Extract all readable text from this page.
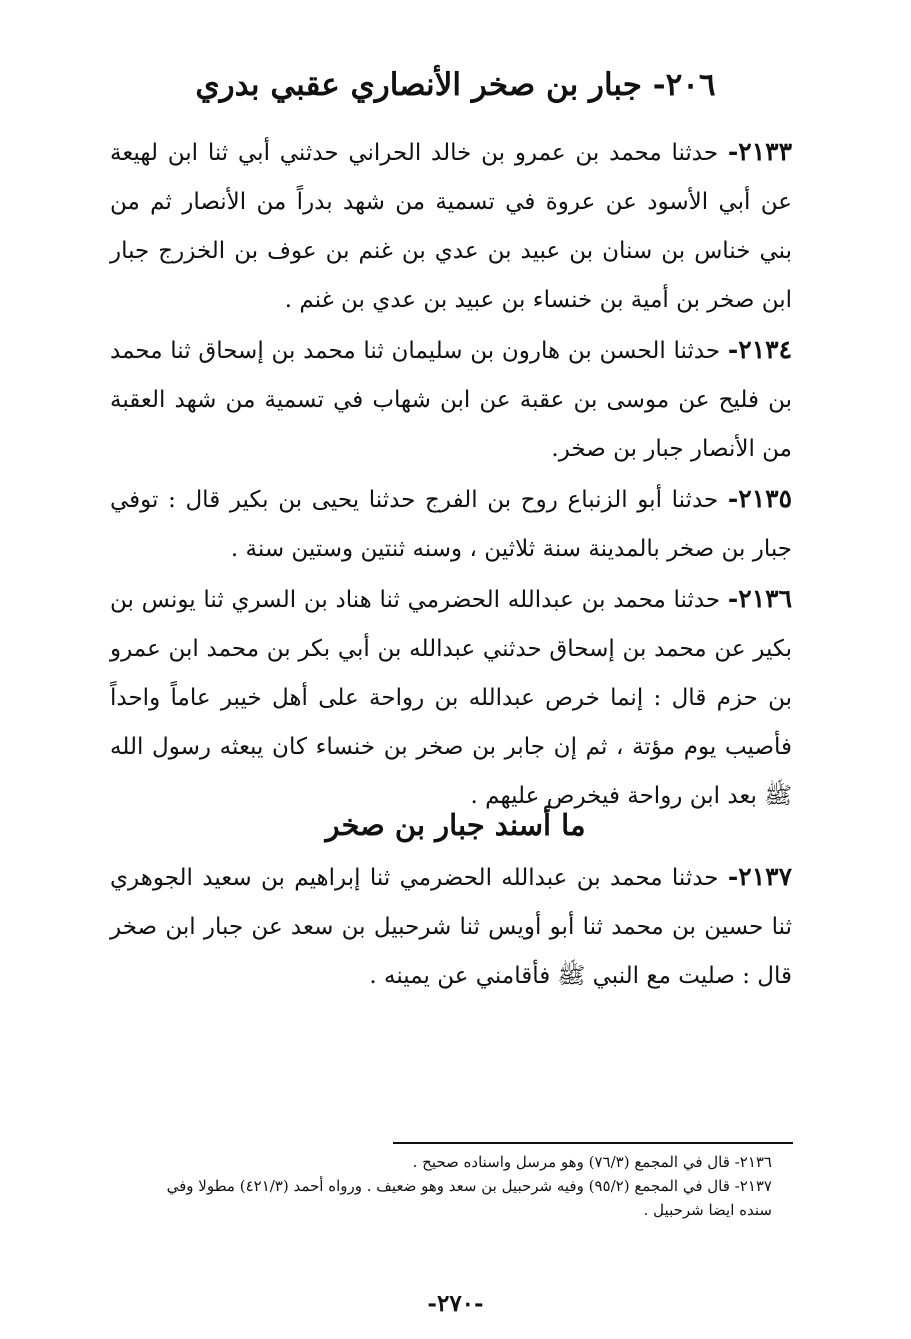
٢٠٦- جبار بن صخر الأنصاري عقبي بدري

٢١٣٣- حدثنا محمد بن عمرو بن خالد الحراني حدثني أبي ثنا ابن لهيعة عن أبي الأسود عن عروة في تسمية من شهد بدراً من الأنصار ثم من بني خناس بن سنان بن عبيد بن عدي بن غنم بن عوف بن الخزرج جبار ابن صخر بن أمية بن خنساء بن عبيد بن عدي بن غنم .

٢١٣٤- حدثنا الحسن بن هارون بن سليمان ثنا محمد بن إسحاق ثنا محمد بن فليح عن موسى بن عقبة عن ابن شهاب في تسمية من شهد العقبة من الأنصار جبار بن صخر.

٢١٣٥- حدثنا أبو الزنباع روح بن الفرج حدثنا يحيى بن بكير قال : توفي جبار بن صخر بالمدينة سنة ثلاثين ، وسنه ثنتين وستين سنة .

٢١٣٦- حدثنا محمد بن عبدالله الحضرمي ثنا هناد بن السري ثنا يونس بن بكير عن محمد بن إسحاق حدثني عبدالله بن أبي بكر بن محمد ابن عمرو بن حزم قال : إنما خرص عبدالله بن رواحة على أهل خيبر عاماً واحداً فأصيب يوم مؤتة ، ثم إن جابر بن صخر بن خنساء كان يبعثه رسول الله ﷺ بعد ابن رواحة فيخرص عليهم .

ما أسند جبار بن صخر

٢١٣٧- حدثنا محمد بن عبدالله الحضرمي ثنا إبراهيم بن سعيد الجوهري ثنا حسين بن محمد ثنا أبو أويس ثنا شرحبيل بن سعد عن جبار ابن صخر قال : صليت مع النبي ﷺ فأقامني عن يمينه .

٢١٣٦- قال في المجمع (٧٦/٣) وهو مرسل واسناده صحيح .

٢١٣٧- قال في المجمع (٩٥/٢) وفيه شرحبيل بن سعد وهو ضعيف . ورواه أحمد (٤٢١/٣) مطولا وفي سنده ايضا شرحبيل .

-٢٧٠-
